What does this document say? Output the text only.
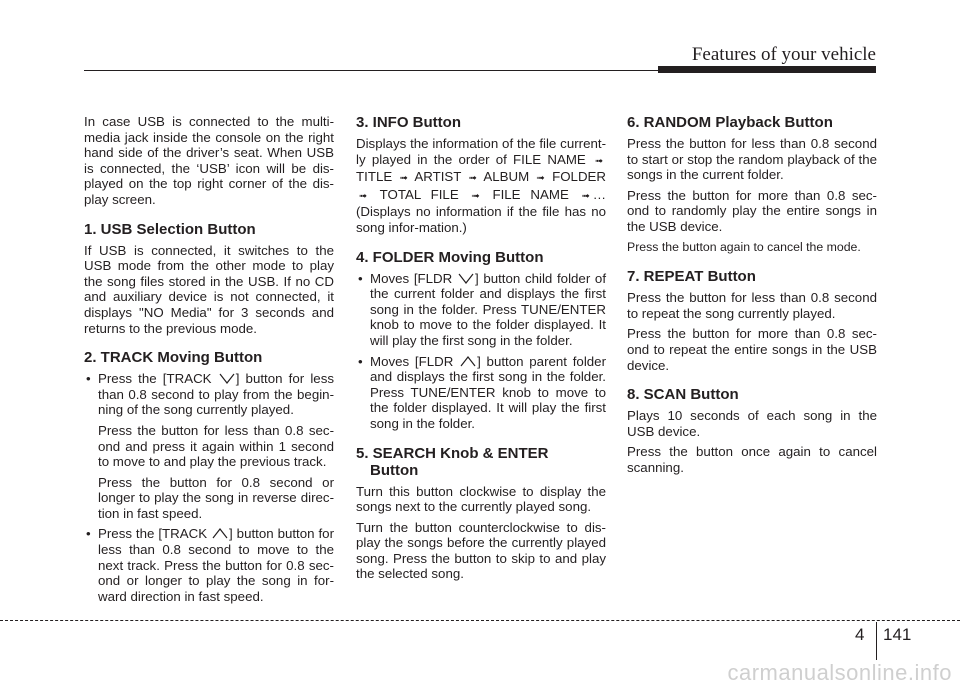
Features of your vehicle

In case USB is connected to the multi-media jack inside the console on the right hand side of the driver’s seat. When USB is connected, the ‘USB’ icon will be dis-played on the top right corner of the dis-play screen.

1. USB Selection Button

If USB is connected, it switches to the USB mode from the other mode to play the song files stored in the USB. If no CD and auxiliary device is not connected, it displays "NO Media" for 3 seconds and returns to the previous mode.

2. TRACK Moving Button
• Press the [TRACK ] button for less than 0.8 second to play from the begin-ning of the song currently played.

Press the button for less than 0.8 sec-ond and press it again within 1 second to move to and play the previous track.

Press the button for 0.8 second or longer to play the song in reverse direc-tion in fast speed.

• Press the [TRACK ] button button for less than 0.8 second to move to the next track. Press the button for 0.8 sec-ond or longer to play the song in for-ward direction in fast speed.
3. INFO Button

Displays the information of the file current-ly played in the order of FILE NAME ➟ TITLE ➟ ARTIST ➟ ALBUM ➟ FOLDER ➟ TOTAL FILE ➟ FILE NAME ➟ … (Displays no information if the file has no song infor-mation.)

4. FOLDER Moving Button
• Moves [FLDR ] button child folder of the current folder and displays the first song in the folder. Press TUNE/ENTER knob to move to the folder displayed. It will play the first song in the folder.
• Moves [FLDR ] button parent folder and displays the first song in the folder. Press TUNE/ENTER knob to move to the folder displayed. It will play the first song in the folder.
5. SEARCH Knob & ENTER
Button

Turn this button clockwise to display the songs next to the currently played song.

Turn the button counterclockwise to dis-play the songs before the currently played song. Press the button to skip to and play the selected song.

6. RANDOM Playback Button

Press the button for less than 0.8 second to start or stop the random playback of the songs in the current folder.

Press the button for more than 0.8 sec-ond to randomly play the entire songs in the USB device.

Press the button again to cancel the mode.

7. REPEAT Button

Press the button for less than 0.8 second to repeat the song currently played.

Press the button for more than 0.8 sec-ond to repeat the entire songs in the USB device.

8. SCAN Button

Plays 10 seconds of each song in the USB device.

Press the button once again to cancel scanning.

4 141
carmanualsonline.info
